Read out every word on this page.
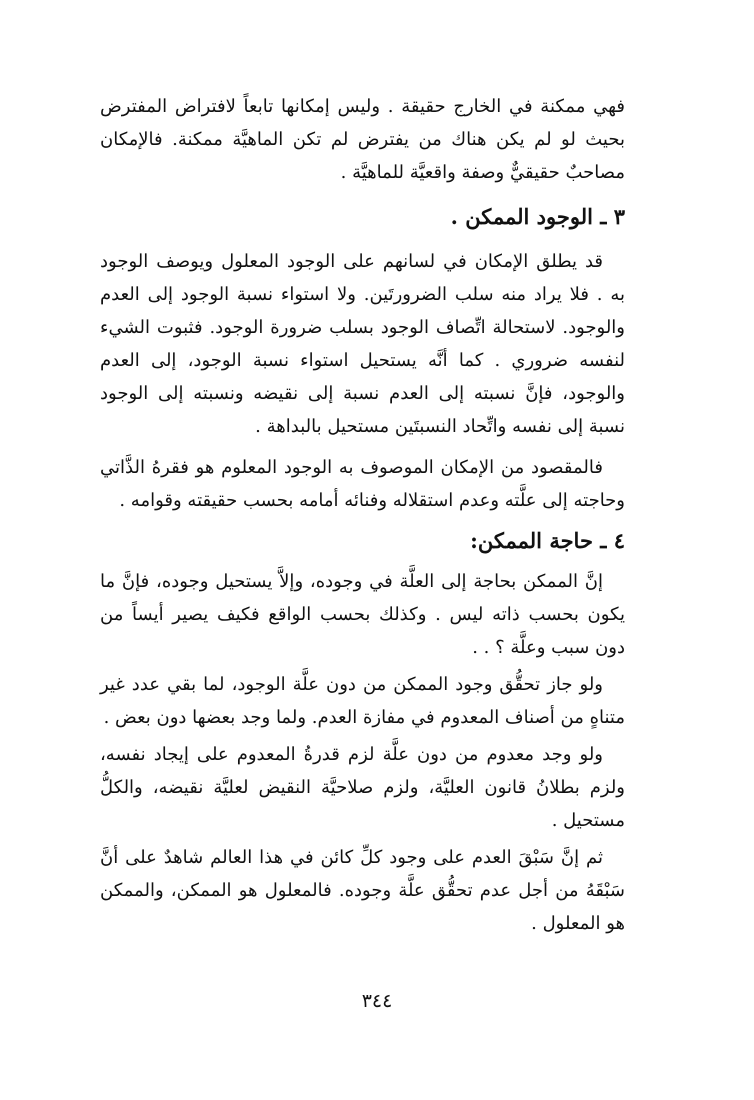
فهي ممكنة في الخارج حقيقة . وليس إمكانها تابعاً لافتراض المفترض بحيث لو لم يكن هناك من يفترض لم تكن الماهيَّة ممكنة. فالإمكان مصاحبٌ حقيقيٌّ وصفة واقعيَّة للماهيَّة .

٣ ـ الوجود الممكن .

قد يطلق الإمكان في لسانهم على الوجود المعلول ويوصف الوجود به . فلا يراد منه سلب الضرورتَين. ولا استواء نسبة الوجود إلى العدم والوجود. لاستحالة اتِّصاف الوجود بسلب ضرورة الوجود. فثبوت الشيء لنفسه ضروري . كما أنَّه يستحيل استواء نسبة الوجود، إلى العدم والوجود، فإنَّ نسبته إلى العدم نسبة إلى نقيضه ونسبته إلى الوجود نسبة إلى نفسه واتِّحاد النسبتَين مستحيل بالبداهة .

فالمقصود من الإمكان الموصوف به الوجود المعلوم هو فقرهُ الذَّاتي وحاجته إلى علَّته وعدم استقلاله وفنائه أمامه بحسب حقيقته وقوامه .

٤ ـ حاجة الممكن:

إنَّ الممكن بحاجة إلى العلَّة في وجوده، وإلاَّ يستحيل وجوده، فإنَّ ما يكون بحسب ذاته ليس . وكذلك بحسب الواقع فكيف يصير أيساً من دون سبب وعلَّة ؟ . .

ولو جاز تحقُّق وجود الممكن من دون علَّة الوجود، لما بقي عدد غير متناهٍ من أصناف المعدوم في مفازة العدم. ولما وجد بعضها دون بعض .

ولو وجد معدوم من دون علَّة لزم قدرةُ المعدوم على إيجاد نفسه، ولزم بطلانُ قانون العليَّة، ولزم صلاحيَّة النقيض لعليَّة نقيضه، والكلُّ مستحيل .

ثم إنَّ سَبْقَ العدم على وجود كلِّ كائن في هذا العالم شاهدٌ على أنَّ سَبْقَهُ من أجل عدم تحقُّق علَّة وجوده. فالمعلول هو الممكن، والممكن هو المعلول .

٣٤٤
